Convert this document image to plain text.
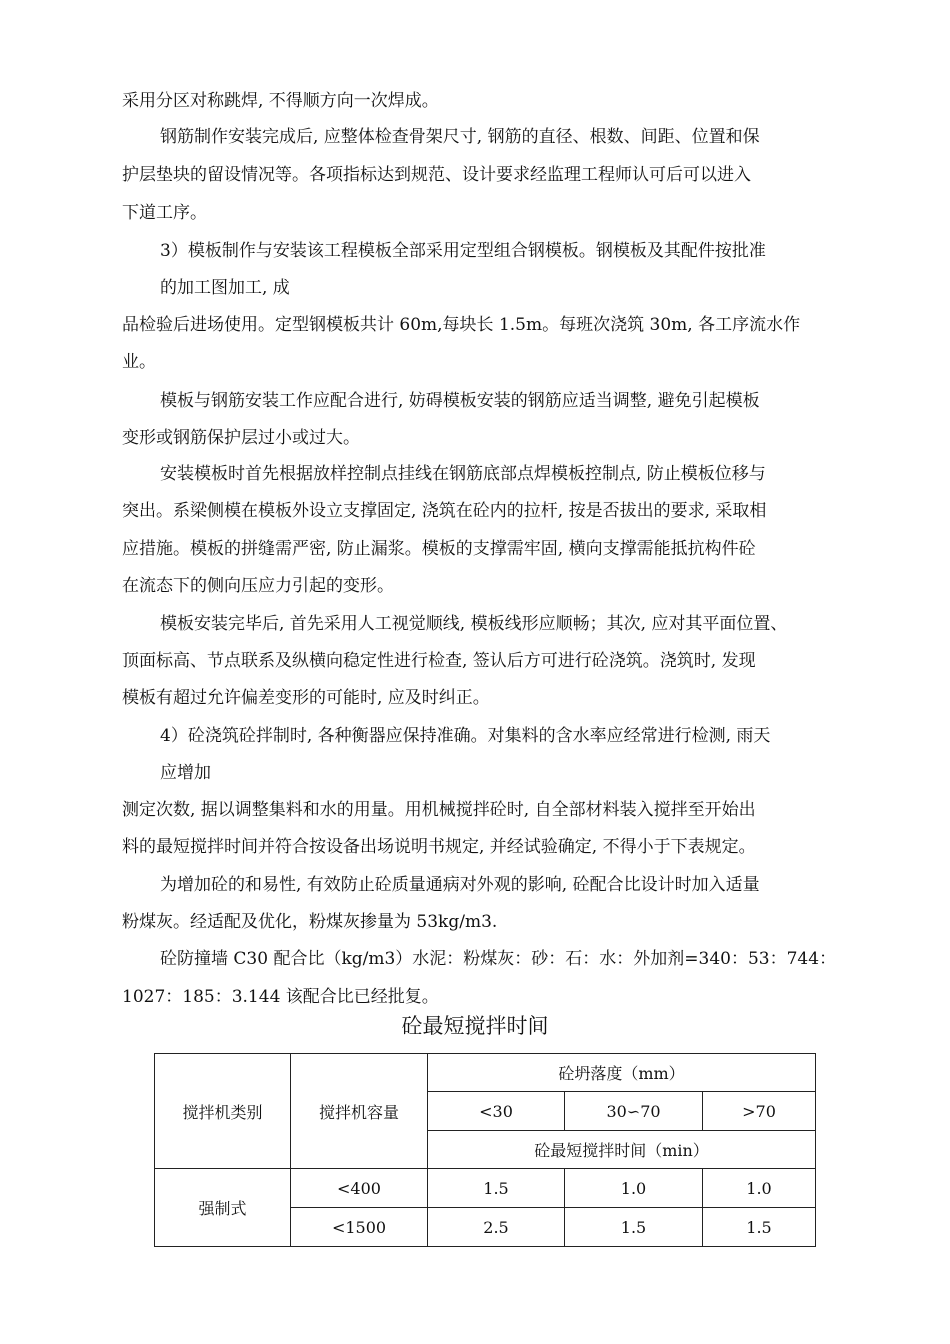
采用分区对称跳焊, 不得顺方向一次焊成。
钢筋制作安装完成后, 应整体检查骨架尺寸, 钢筋的直径、根数、间距、位置和保
护层垫块的留设情况等。各项指标达到规范、设计要求经监理工程师认可后可以进入
下道工序。
3）模板制作与安装该工程模板全部采用定型组合钢模板。钢模板及其配件按批准
的加工图加工, 成
品检验后进场使用。定型钢模板共计 60m,每块长 1.5m。每班次浇筑 30m, 各工序流水作
业。
模板与钢筋安装工作应配合进行, 妨碍模板安装的钢筋应适当调整, 避免引起模板
变形或钢筋保护层过小或过大。
安装模板时首先根据放样控制点挂线在钢筋底部点焊模板控制点, 防止模板位移与
突出。系梁侧模在模板外设立支撑固定, 浇筑在砼内的拉杆, 按是否拔出的要求, 采取相
应措施。模板的拼缝需严密, 防止漏浆。模板的支撑需牢固, 横向支撑需能抵抗构件砼
在流态下的侧向压应力引起的变形。
模板安装完毕后, 首先采用人工视觉顺线, 模板线形应顺畅；其次, 应对其平面位置、
顶面标高、节点联系及纵横向稳定性进行检查, 签认后方可进行砼浇筑。浇筑时, 发现
模板有超过允许偏差变形的可能时, 应及时纠正。
4）砼浇筑砼拌制时, 各种衡器应保持准确。对集料的含水率应经常进行检测, 雨天
应增加
测定次数, 据以调整集料和水的用量。用机械搅拌砼时, 自全部材料装入搅拌至开始出
料的最短搅拌时间并符合按设备出场说明书规定, 并经试验确定, 不得小于下表规定。
为增加砼的和易性, 有效防止砼质量通病对外观的影响, 砼配合比设计时加入适量
粉煤灰。经适配及优化，粉煤灰掺量为 53kg/m3.
砼防撞墙 C30 配合比（kg/m3）水泥：粉煤灰：砂：石：水：外加剂=340：53：744：
1027：185：3.144 该配合比已经批复。
砼最短搅拌时间
搅拌机类别	搅拌机容量	砼坍落度（mm）		
		<30	30∽70	>70
		砼最短搅拌时间（min）		
强制式	<400	1.5	1.0	1.0
	<1500	2.5	1.5	1.5
